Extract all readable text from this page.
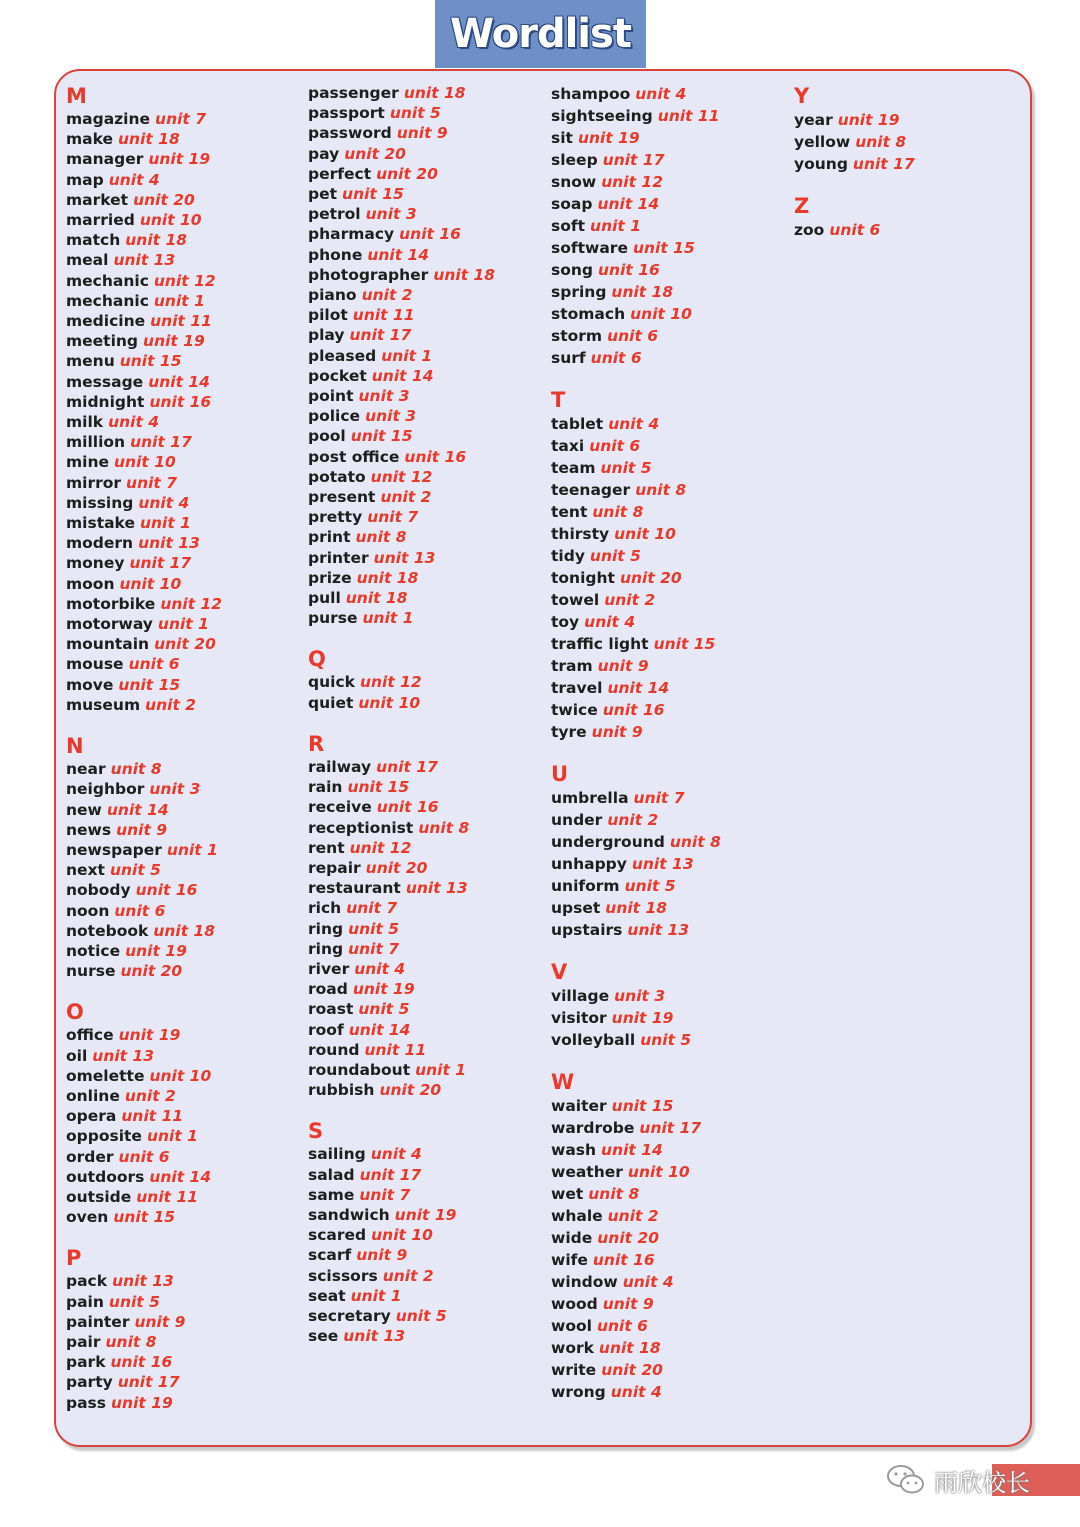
Wordlist
M
magazine unit 7
make unit 18
manager unit 19
map unit 4
market unit 20
married unit 10
match unit 18
meal unit 13
mechanic unit 12
mechanic unit 1
medicine unit 11
meeting unit 19
menu unit 15
message unit 14
midnight unit 16
milk unit 4
million unit 17
mine unit 10
mirror unit 7
missing unit 4
mistake unit 1
modern unit 13
money unit 17
moon unit 10
motorbike unit 12
motorway unit 1
mountain unit 20
mouse unit 6
move unit 15
museum unit 2
N
near unit 8
neighbor unit 3
new unit 14
news unit 9
newspaper unit 1
next unit 5
nobody unit 16
noon unit 6
notebook unit 18
notice unit 19
nurse unit 20
O
office unit 19
oil unit 13
omelette unit 10
online unit 2
opera unit 11
opposite unit 1
order unit 6
outdoors unit 14
outside unit 11
oven unit 15
P
pack unit 13
pain unit 5
painter unit 9
pair unit 8
park unit 16
party unit 17
pass unit 19
passenger unit 18
passport unit 5
password unit 9
pay unit 20
perfect unit 20
pet unit 15
petrol unit 3
pharmacy unit 16
phone unit 14
photographer unit 18
piano unit 2
pilot unit 11
play unit 17
pleased unit 1
pocket unit 14
point unit 3
police unit 3
pool unit 15
post office unit 16
potato unit 12
present unit 2
pretty unit 7
print unit 8
printer unit 13
prize unit 18
pull unit 18
purse unit 1
Q
quick unit 12
quiet unit 10
R
railway unit 17
rain unit 15
receive unit 16
receptionist unit 8
rent unit 12
repair unit 20
restaurant unit 13
rich unit 7
ring unit 5
ring unit 7
river unit 4
road unit 19
roast unit 5
roof unit 14
round unit 11
roundabout unit 1
rubbish unit 20
S
sailing unit 4
salad unit 17
same unit 7
sandwich unit 19
scared unit 10
scarf unit 9
scissors unit 2
seat unit 1
secretary unit 5
see unit 13
shampoo unit 4
sightseeing unit 11
sit unit 19
sleep unit 17
snow unit 12
soap unit 14
soft unit 1
software unit 15
song unit 16
spring unit 18
stomach unit 10
storm unit 6
surf unit 6
T
tablet unit 4
taxi unit 6
team unit 5
teenager unit 8
tent unit 8
thirsty unit 10
tidy unit 5
tonight unit 20
towel unit 2
toy unit 4
traffic light unit 15
tram unit 9
travel unit 14
twice unit 16
tyre unit 9
U
umbrella unit 7
under unit 2
underground unit 8
unhappy unit 13
uniform unit 5
upset unit 18
upstairs unit 13
V
village unit 3
visitor unit 19
volleyball unit 5
W
waiter unit 15
wardrobe unit 17
wash unit 14
weather unit 10
wet unit 8
whale unit 2
wide unit 20
wife unit 16
window unit 4
wood unit 9
wool unit 6
work unit 18
write unit 20
wrong unit 4
Y
year unit 19
yellow unit 8
young unit 17
Z
zoo unit 6
雨欣校长
